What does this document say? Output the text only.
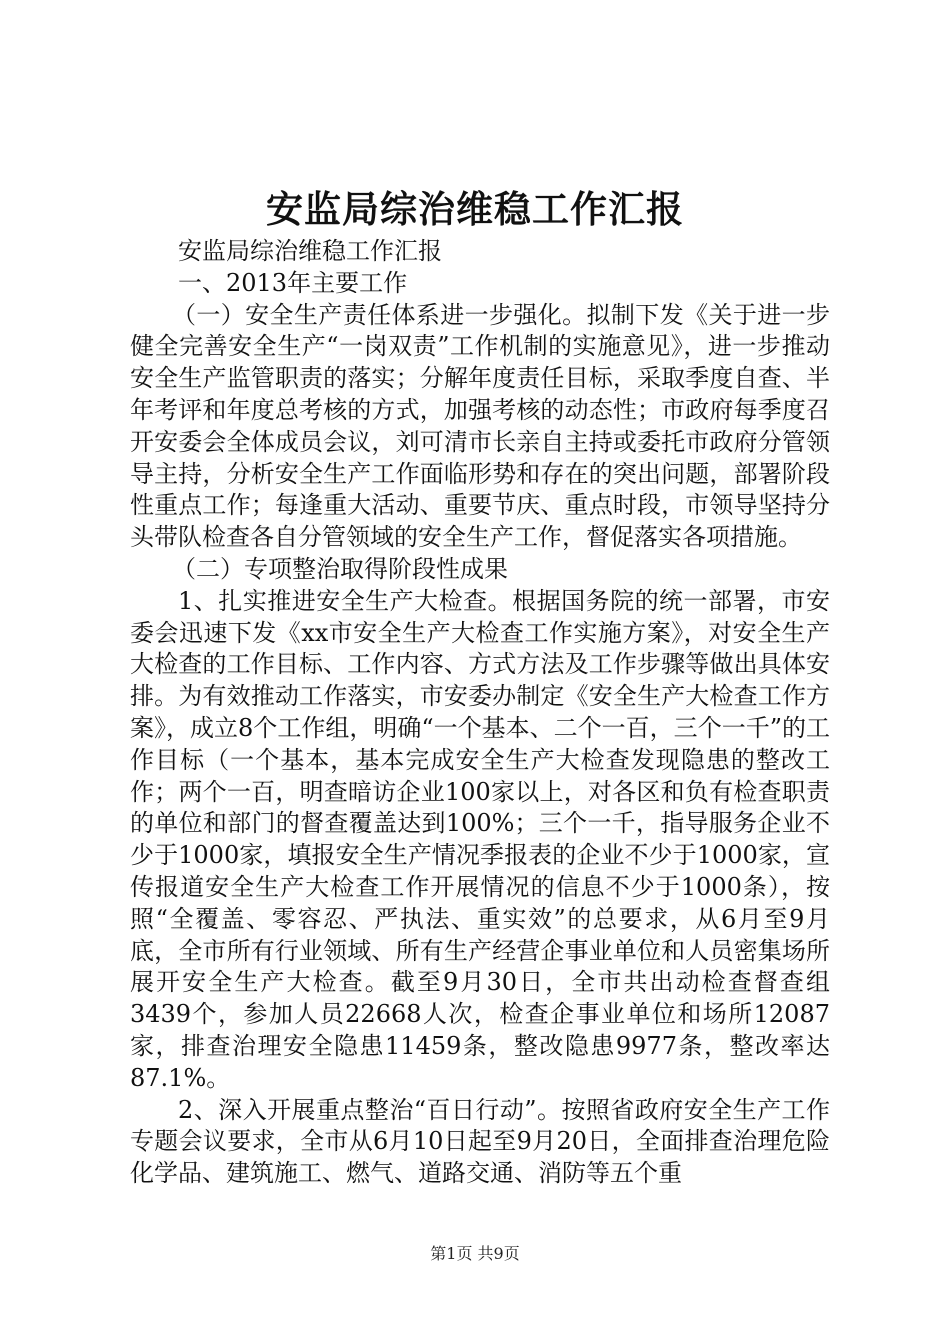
安监局综治维稳工作汇报

安监局综治维稳工作汇报

一、2013年主要工作

（一）安全生产责任体系进一步强化。拟制下发《关于进一步健全完善安全生产“一岗双责”工作机制的实施意见》，进一步推动安全生产监管职责的落实；分解年度责任目标，采取季度自查、半年考评和年度总考核的方式，加强考核的动态性；市政府每季度召开安委会全体成员会议，刘可清市长亲自主持或委托市政府分管领导主持，分析安全生产工作面临形势和存在的突出问题，部署阶段性重点工作；每逢重大活动、重要节庆、重点时段，市领导坚持分头带队检查各自分管领域的安全生产工作，督促落实各项措施。

（二）专项整治取得阶段性成果

1、扎实推进安全生产大检查。根据国务院的统一部署，市安委会迅速下发《xx市安全生产大检查工作实施方案》，对安全生产大检查的工作目标、工作内容、方式方法及工作步骤等做出具体安排。为有效推动工作落实，市安委办制定《安全生产大检查工作方案》，成立8个工作组，明确“一个基本、二个一百，三个一千”的工作目标（一个基本，基本完成安全生产大检查发现隐患的整改工作；两个一百，明查暗访企业100家以上，对各区和负有检查职责的单位和部门的督查覆盖达到100%；三个一千，指导服务企业不少于1000家，填报安全生产情况季报表的企业不少于1000家，宣传报道安全生产大检查工作开展情况的信息不少于1000条），按照“全覆盖、零容忍、严执法、重实效”的总要求，从6月至9月底，全市所有行业领域、所有生产经营企事业单位和人员密集场所展开安全生产大检查。截至9月30日，全市共出动检查督查组3439个，参加人员22668人次，检查企事业单位和场所12087家，排查治理安全隐患11459条，整改隐患9977条，整改率达87.1%。

2、深入开展重点整治“百日行动”。按照省政府安全生产工作专题会议要求，全市从6月10日起至9月20日，全面排查治理危险化学品、建筑施工、燃气、道路交通、消防等五个重

第1页 共9页
